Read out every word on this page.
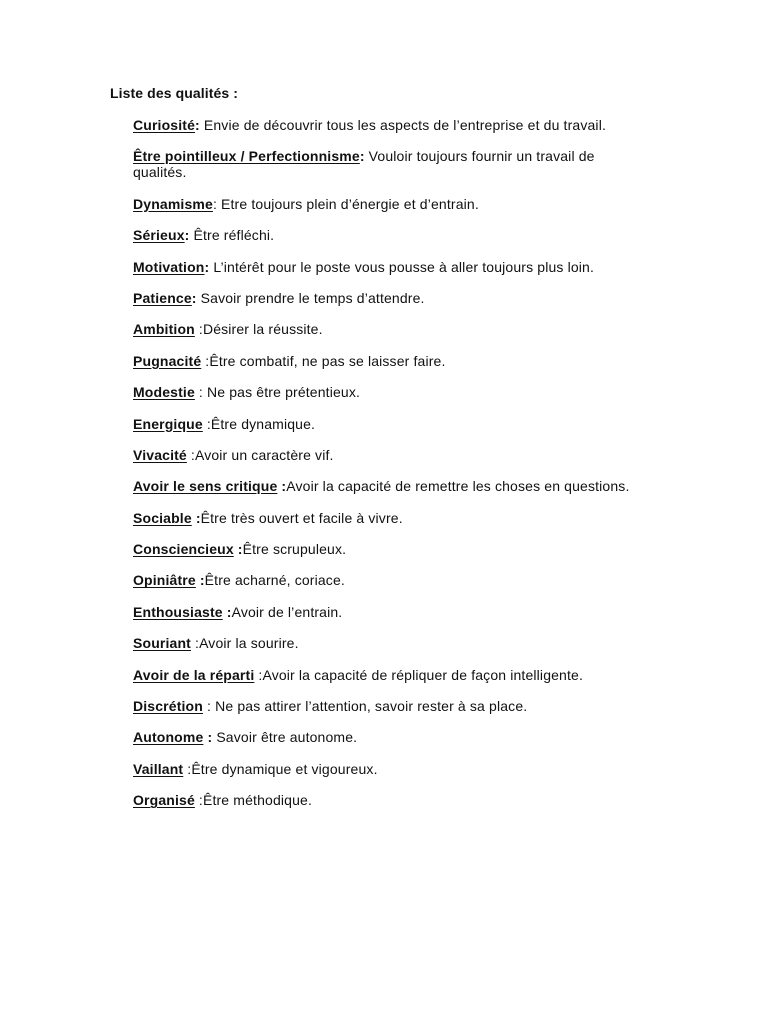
Liste des qualités :
Curiosité: Envie de découvrir tous les aspects de l’entreprise et du travail.
Être pointilleux / Perfectionnisme: Vouloir toujours fournir un travail de qualités.
Dynamisme: Etre toujours plein d’énergie et d’entrain.
Sérieux: Être réfléchi.
Motivation: L’intérêt pour le poste vous pousse à aller toujours plus loin.
Patience: Savoir prendre le temps d’attendre.
Ambition :Désirer la réussite.
Pugnacité :Être combatif, ne pas se laisser faire.
Modestie : Ne pas être prétentieux.
Energique :Être dynamique.
Vivacité :Avoir un caractère vif.
Avoir le sens critique :Avoir la capacité de remettre les choses en questions.
Sociable :Être très ouvert et facile à vivre.
Consciencieux :Être scrupuleux.
Opiniâtre :Être acharné, coriace.
Enthousiaste :Avoir de l’entrain.
Souriant :Avoir la sourire.
Avoir de la réparti :Avoir la capacité de répliquer de façon intelligente.
Discrétion : Ne pas attirer l’attention, savoir rester à sa place.
Autonome : Savoir être autonome.
Vaillant :Être dynamique et vigoureux.
Organisé :Être méthodique.
